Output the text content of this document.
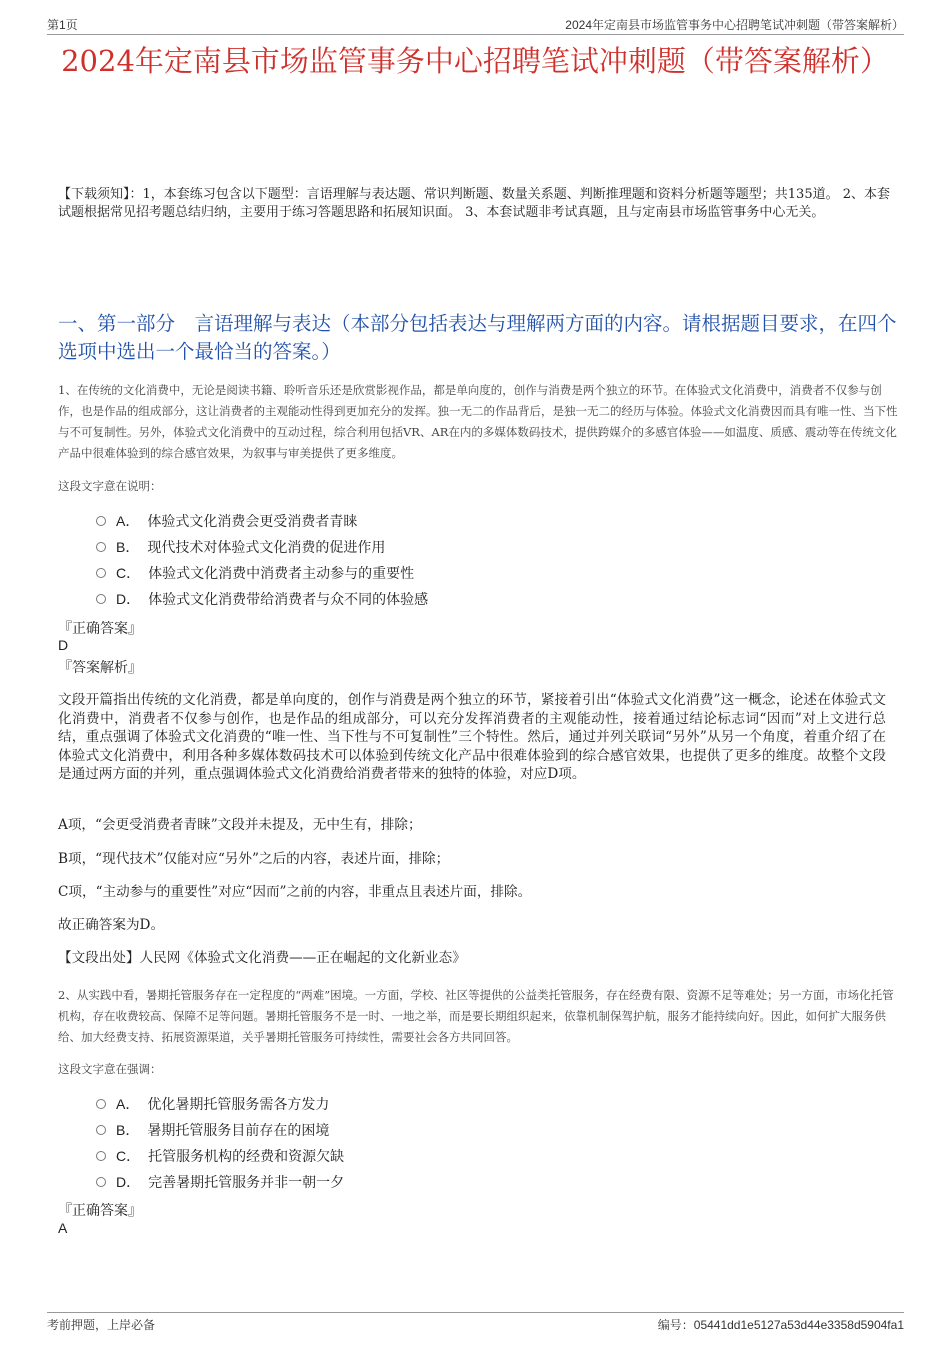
第1页	2024年定南县市场监管事务中心招聘笔试冲刺题（带答案解析）
2024年定南县市场监管事务中心招聘笔试冲刺题（带答案解析）
【下载须知】：1，本套练习包含以下题型：言语理解与表达题、常识判断题、数量关系题、判断推理题和资料分析题等题型；共135道。 2、本套试题根据常见招考题总结归纳，主要用于练习答题思路和拓展知识面。 3、本套试题非考试真题，且与定南县市场监管事务中心无关。
一、第一部分　言语理解与表达（本部分包括表达与理解两方面的内容。请根据题目要求，在四个选项中选出一个最恰当的答案。）
1、在传统的文化消费中，无论是阅读书籍、聆听音乐还是欣赏影视作品，都是单向度的，创作与消费是两个独立的环节。在体验式文化消费中，消费者不仅参与创作，也是作品的组成部分，这让消费者的主观能动性得到更加充分的发挥。独一无二的作品背后，是独一无二的经历与体验。体验式文化消费因而具有唯一性、当下性与不可复制性。另外，体验式文化消费中的互动过程，综合利用包括VR、AR在内的多媒体数码技术，提供跨媒介的多感官体验——如温度、质感、震动等在传统文化产品中很难体验到的综合感官效果，为叙事与审美提供了更多维度。
这段文字意在说明：
A． 体验式文化消费会更受消费者青睐
B． 现代技术对体验式文化消费的促进作用
C． 体验式文化消费中消费者主动参与的重要性
D． 体验式文化消费带给消费者与众不同的体验感
『正确答案』
D
『答案解析』
文段开篇指出传统的文化消费，都是单向度的，创作与消费是两个独立的环节，紧接着引出“体验式文化消费”这一概念，论述在体验式文化消费中，消费者不仅参与创作，也是作品的组成部分，可以充分发挥消费者的主观能动性，接着通过结论标志词“因而”对上文进行总结，重点强调了体验式文化消费的“唯一性、当下性与不可复制性”三个特性。然后，通过并列关联词“另外”从另一个角度，着重介绍了在体验式文化消费中，利用各种多媒体数码技术可以体验到传统文化产品中很难体验到的综合感官效果，也提供了更多的维度。故整个文段是通过两方面的并列，重点强调体验式文化消费给消费者带来的独特的体验，对应D项。
A项，“会更受消费者青睐”文段并未提及，无中生有，排除；
B项，“现代技术”仅能对应“另外”之后的内容，表述片面，排除；
C项，“主动参与的重要性”对应“因而”之前的内容，非重点且表述片面，排除。
故正确答案为D。
【文段出处】人民网《体验式文化消费——正在崛起的文化新业态》
2、从实践中看，暑期托管服务存在一定程度的“两难”困境。一方面，学校、社区等提供的公益类托管服务，存在经费有限、资源不足等难处；另一方面，市场化托管机构，存在收费较高、保障不足等问题。暑期托管服务不是一时、一地之举，而是要长期组织起来，依靠机制保驾护航，服务才能持续向好。因此，如何扩大服务供给、加大经费支持、拓展资源渠道，关乎暑期托管服务可持续性，需要社会各方共同回答。
这段文字意在强调：
A． 优化暑期托管服务需各方发力
B． 暑期托管服务目前存在的困境
C． 托管服务机构的经费和资源欠缺
D． 完善暑期托管服务并非一朝一夕
『正确答案』
A
考前押题，上岸必备	编号：05441dd1e5127a53d44e3358d5904fa1
